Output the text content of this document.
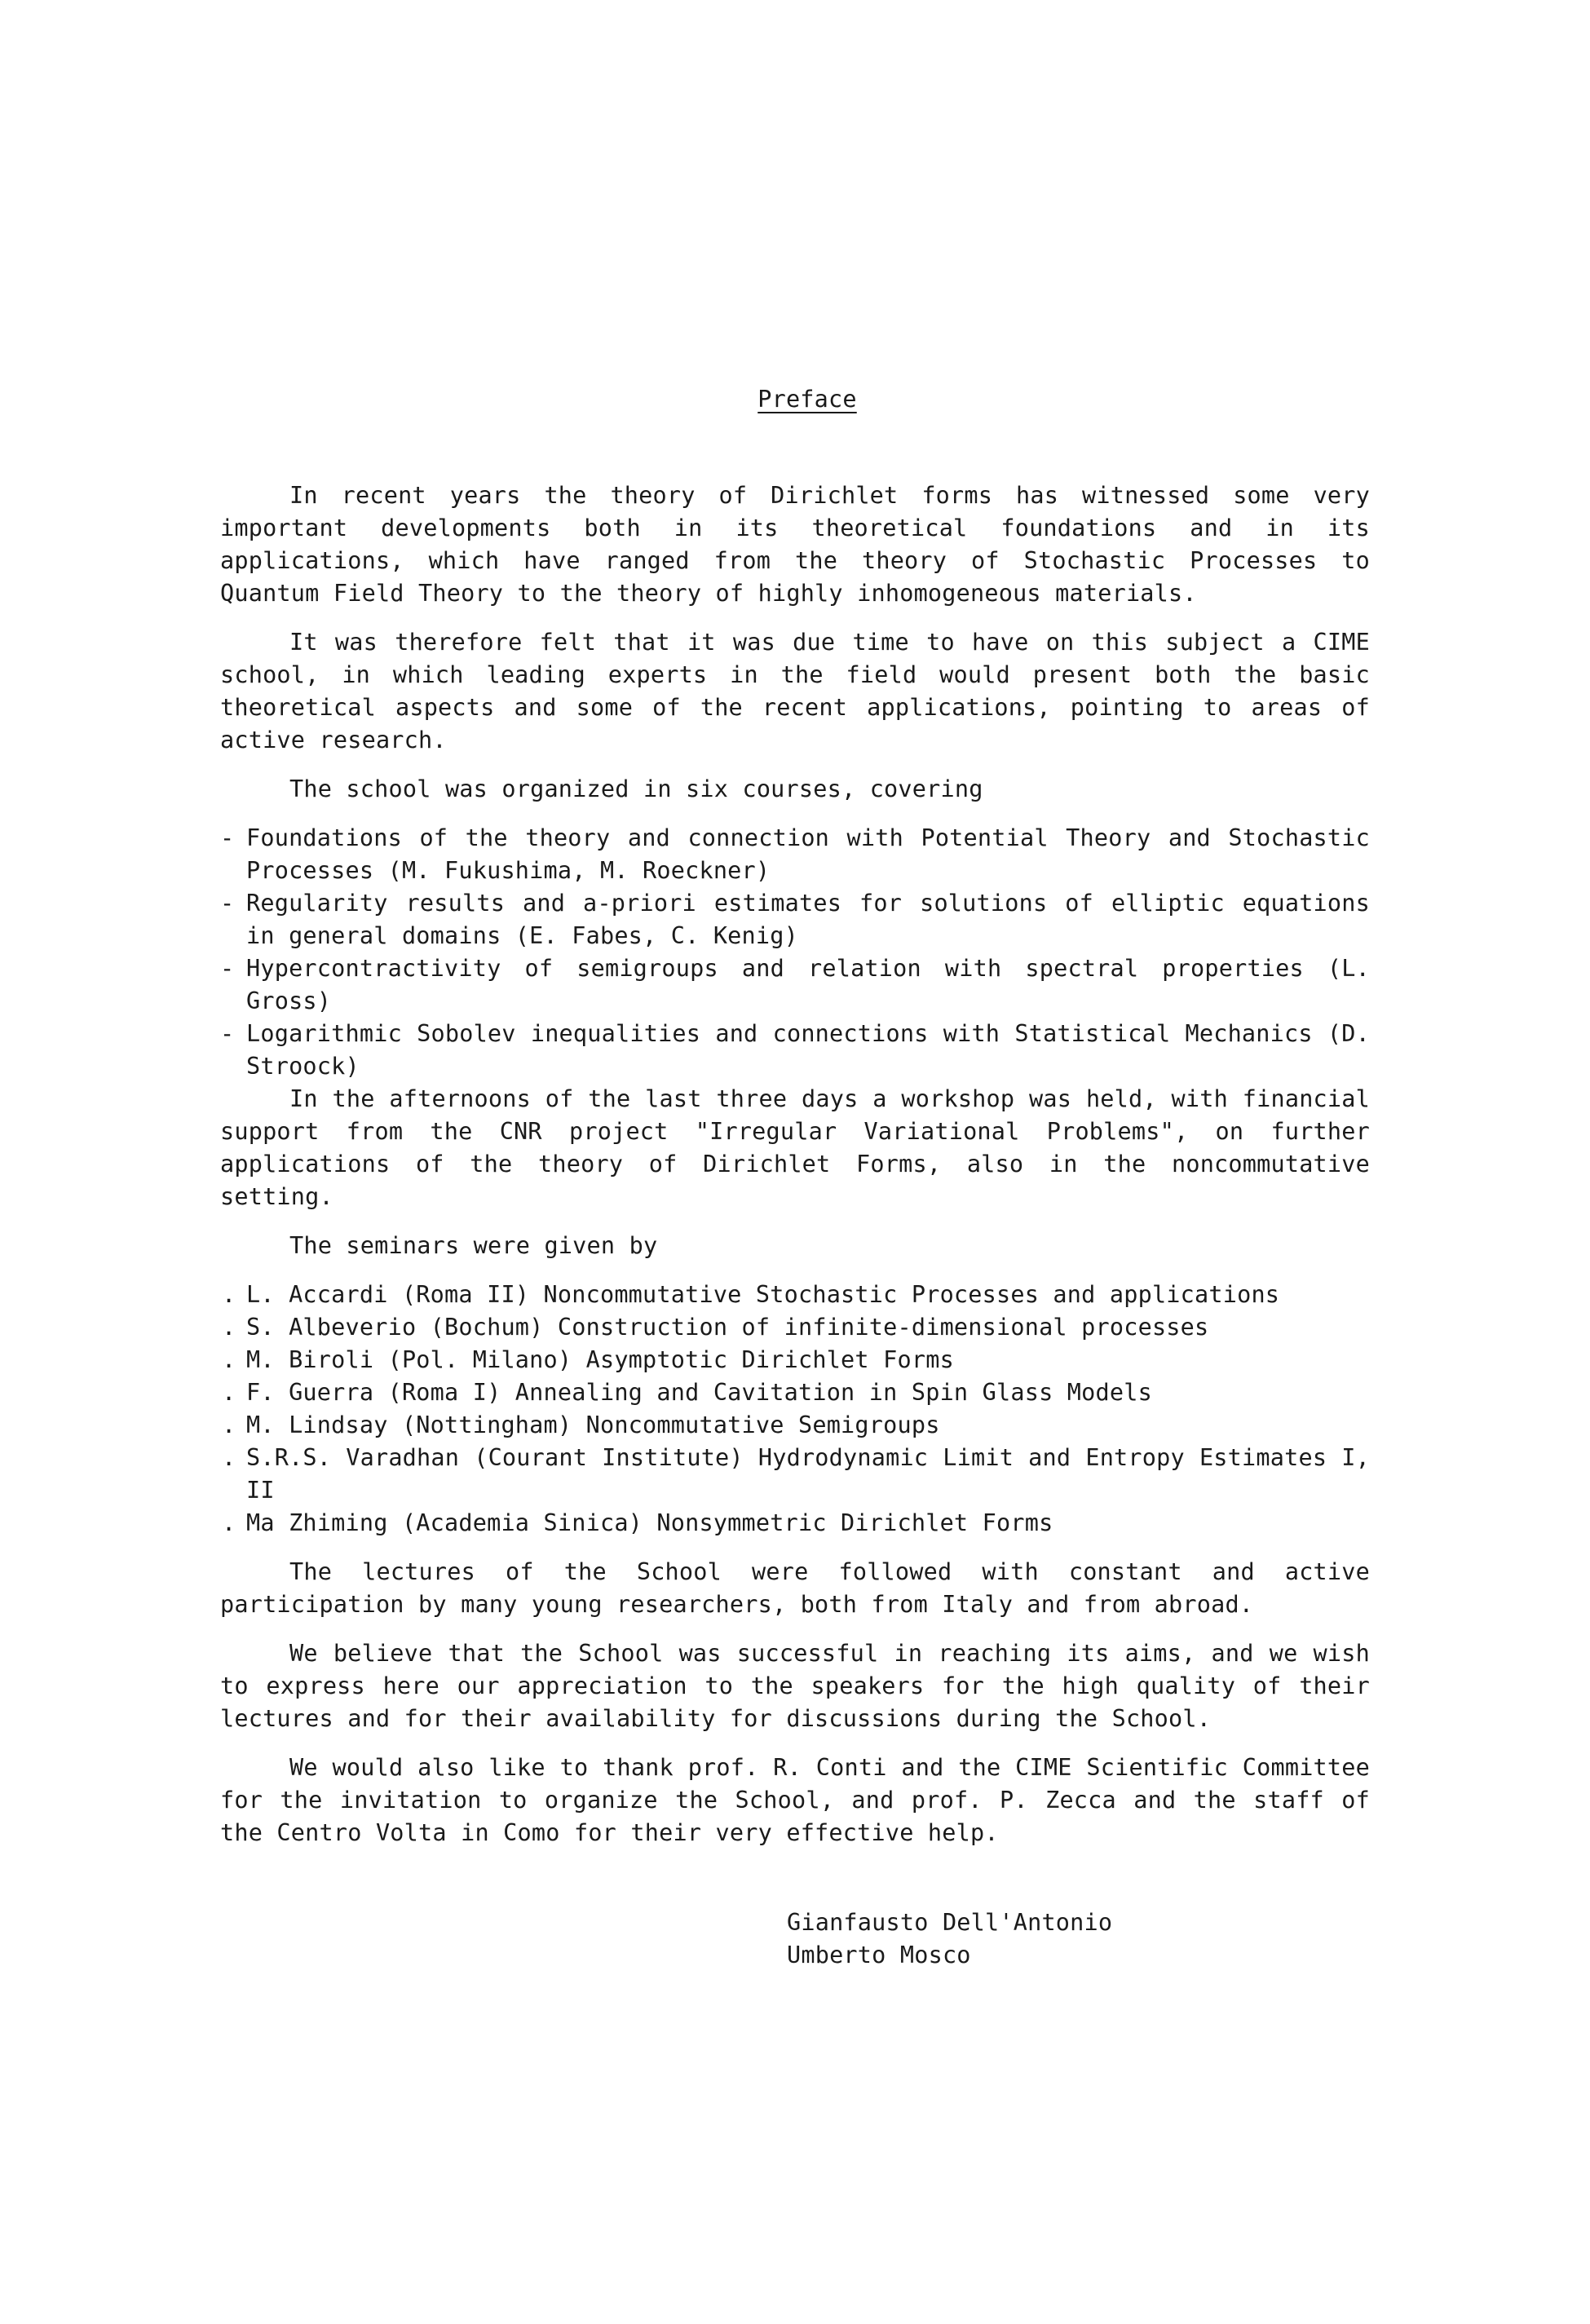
Preface

In recent years the theory of Dirichlet forms has witnessed some very important developments both in its theoretical foundations and in its applications, which have ranged from the theory of Stochastic Processes to Quantum Field Theory to the theory of highly inhomogeneous materials.

It was therefore felt that it was due time to have on this subject a CIME school, in which leading experts in the field would present both the basic theoretical aspects and some of the recent applications, pointing to areas of active research.

The school was organized in six courses, covering

- Foundations of the theory and connection with Potential Theory and Stochastic Processes (M. Fukushima, M. Roeckner)
- Regularity results and a-priori estimates for solutions of elliptic equations in general domains (E. Fabes, C. Kenig)
- Hypercontractivity of semigroups and relation with spectral properties (L. Gross)
- Logarithmic Sobolev inequalities and connections with Statistical Mechanics (D. Stroock)

In the afternoons of the last three days a workshop was held, with financial support from the CNR project "Irregular Variational Problems", on further applications of the theory of Dirichlet Forms, also in the noncommutative setting.

The seminars were given by

. L. Accardi (Roma II) Noncommutative Stochastic Processes and applications
. S. Albeverio (Bochum) Construction of infinite-dimensional processes
. M. Biroli (Pol. Milano) Asymptotic Dirichlet Forms
. F. Guerra (Roma I) Annealing and Cavitation in Spin Glass Models
. M. Lindsay (Nottingham) Noncommutative Semigroups
. S.R.S. Varadhan (Courant Institute) Hydrodynamic Limit and Entropy Estimates I, II
. Ma Zhiming (Academia Sinica) Nonsymmetric Dirichlet Forms

The lectures of the School were followed with constant and active participation by many young researchers, both from Italy and from abroad.

We believe that the School was successful in reaching its aims, and we wish to express here our appreciation to the speakers for the high quality of their lectures and for their availability for discussions during the School.

We would also like to thank prof. R. Conti and the CIME Scientific Committee for the invitation to organize the School, and prof. P. Zecca and the staff of the Centro Volta in Como for their very effective help.

Gianfausto Dell'Antonio
Umberto Mosco
